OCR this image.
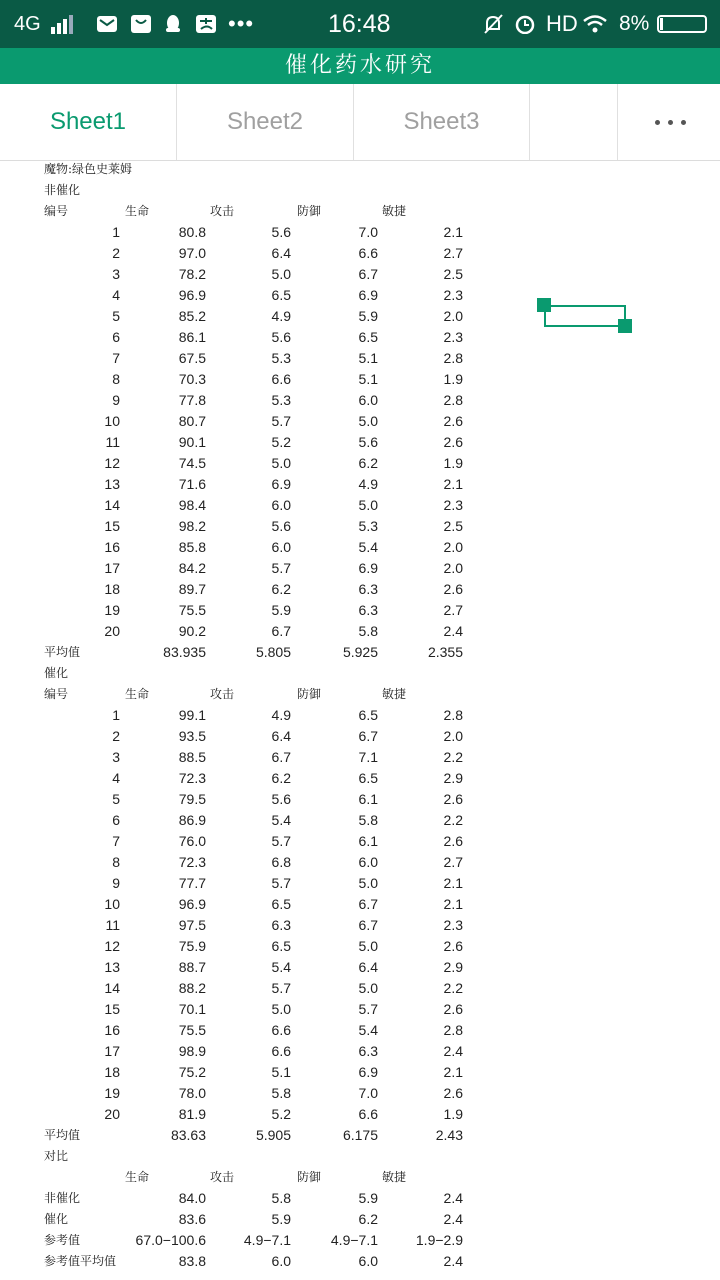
4G	•••	16:48	HD 8%
催化药水研究
Sheet1	Sheet2	Sheet3
魔物:绿色史莱姆
非催化
编号	生命	攻击	防御	敏捷
1	80.8	5.6	7.0	2.1
2	97.0	6.4	6.6	2.7
3	78.2	5.0	6.7	2.5
4	96.9	6.5	6.9	2.3
5	85.2	4.9	5.9	2.0
6	86.1	5.6	6.5	2.3
7	67.5	5.3	5.1	2.8
8	70.3	6.6	5.1	1.9
9	77.8	5.3	6.0	2.8
10	80.7	5.7	5.0	2.6
11	90.1	5.2	5.6	2.6
12	74.5	5.0	6.2	1.9
13	71.6	6.9	4.9	2.1
14	98.4	6.0	5.0	2.3
15	98.2	5.6	5.3	2.5
16	85.8	6.0	5.4	2.0
17	84.2	5.7	6.9	2.0
18	89.7	6.2	6.3	2.6
19	75.5	5.9	6.3	2.7
20	90.2	6.7	5.8	2.4
平均值	83.935	5.805	5.925	2.355
催化
编号	生命	攻击	防御	敏捷
1	99.1	4.9	6.5	2.8
2	93.5	6.4	6.7	2.0
3	88.5	6.7	7.1	2.2
4	72.3	6.2	6.5	2.9
5	79.5	5.6	6.1	2.6
6	86.9	5.4	5.8	2.2
7	76.0	5.7	6.1	2.6
8	72.3	6.8	6.0	2.7
9	77.7	5.7	5.0	2.1
10	96.9	6.5	6.7	2.1
11	97.5	6.3	6.7	2.3
12	75.9	6.5	5.0	2.6
13	88.7	5.4	6.4	2.9
14	88.2	5.7	5.0	2.2
15	70.1	5.0	5.7	2.6
16	75.5	6.6	5.4	2.8
17	98.9	6.6	6.3	2.4
18	75.2	5.1	6.9	2.1
19	78.0	5.8	7.0	2.6
20	81.9	5.2	6.6	1.9
平均值	83.63	5.905	6.175	2.43
对比
生命	攻击	防御	敏捷
非催化	84.0	5.8	5.9	2.4
催化	83.6	5.9	6.2	2.4
参考值	67.0−100.6	4.9−7.1	4.9−7.1	1.9−2.9
参考值平均值	83.8	6.0	6.0	2.4
